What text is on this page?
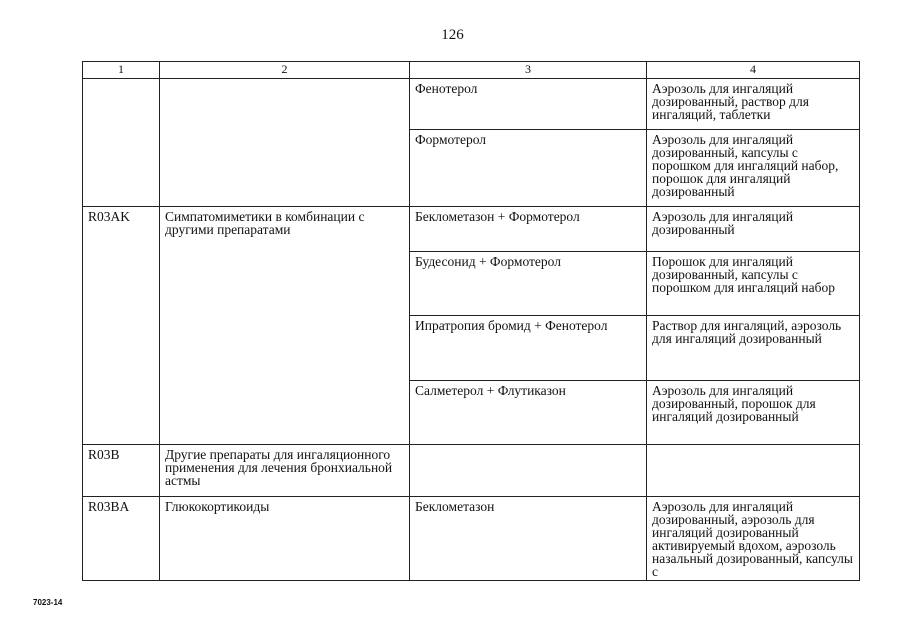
126
1	2	3	4
		Фенотерол	Аэрозоль для ингаляций дозированный, раствор для ингаляций, таблетки
		Формотерол	Аэрозоль для ингаляций дозированный, капсулы с порошком для ингаляций набор, порошок для ингаляций дозированный
R03AK	Симпатомиметики в комбинации с другими препаратами	Беклометазон + Формотерол	Аэрозоль для ингаляций дозированный
		Будесонид + Формотерол	Порошок для ингаляций дозированный, капсулы с порошком для ингаляций набор
		Ипратропия бромид + Фенотерол	Раствор для ингаляций, аэрозоль для ингаляций дозированный
		Салметерол + Флутиказон	Аэрозоль для ингаляций дозированный, порошок для ингаляций дозированный
R03B	Другие препараты для ингаляционного применения для лечения бронхиальной астмы		
R03BA	Глюкокортикоиды	Беклометазон	Аэрозоль для ингаляций дозированный, аэрозоль для ингаляций дозированный активируемый вдохом, аэрозоль назальный дозированный, капсулы с
7023-14
